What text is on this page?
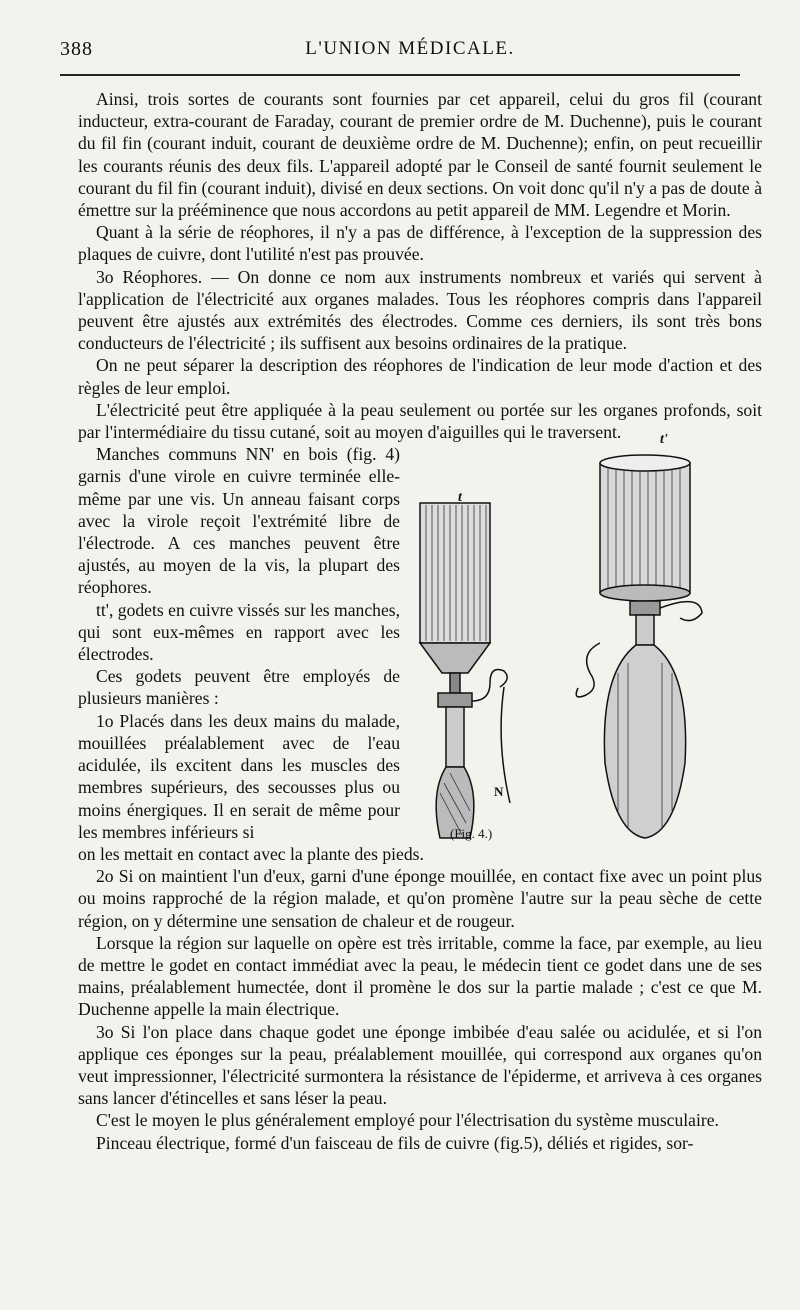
388	L'UNION MÉDICALE.

Ainsi, trois sortes de courants sont fournies par cet appareil, celui du gros fil (courant inducteur, extra-courant de Faraday, courant de premier ordre de M. Duchenne), puis le courant du fil fin (courant induit, courant de deuxième ordre de M. Duchenne); enfin, on peut recueillir les courants réunis des deux fils. L'appareil adopté par le Conseil de santé fournit seulement le courant du fil fin (courant induit), divisé en deux sections. On voit donc qu'il n'y a pas de doute à émettre sur la prééminence que nous accordons au petit appareil de MM. Legendre et Morin.

Quant à la série de réophores, il n'y a pas de différence, à l'exception de la suppression des plaques de cuivre, dont l'utilité n'est pas prouvée.

3o Réophores. — On donne ce nom aux instruments nombreux et variés qui servent à l'application de l'électricité aux organes malades. Tous les réophores compris dans l'appareil peuvent être ajustés aux extrémités des électrodes. Comme ces derniers, ils sont très bons conducteurs de l'électricité ; ils suffisent aux besoins ordinaires de la pratique.

On ne peut séparer la description des réophores de l'indication de leur mode d'action et des règles de leur emploi.

L'électricité peut être appliquée à la peau seulement ou portée sur les organes profonds, soit par l'intermédiaire du tissu cutané, soit au moyen d'aiguilles qui le traversent.

Manches communs NN' en bois (fig. 4) garnis d'une virole en cuivre terminée elle-même par une vis. Un anneau faisant corps avec la virole reçoit l'extrémité libre de l'électrode. A ces manches peuvent être ajustés, au moyen de la vis, la plupart des réophores.

tt', godets en cuivre vissés sur les manches, qui sont eux-mêmes en rapport avec les électrodes.

Ces godets peuvent être employés de plusieurs manières :

1o Placés dans les deux mains du malade, mouillées préalablement avec de l'eau acidulée, ils excitent dans les muscles des membres supérieurs, des secousses plus ou moins énergiques. Il en serait de même pour les membres inférieurs si

t
t'
N
(Fig. 4.)

on les mettait en contact avec la plante des pieds.

2o Si on maintient l'un d'eux, garni d'une éponge mouillée, en contact fixe avec un point plus ou moins rapproché de la région malade, et qu'on promène l'autre sur la peau sèche de cette région, on y détermine une sensation de chaleur et de rougeur.

Lorsque la région sur laquelle on opère est très irritable, comme la face, par exemple, au lieu de mettre le godet en contact immédiat avec la peau, le médecin tient ce godet dans une de ses mains, préalablement humectée, dont il promène le dos sur la partie malade ; c'est ce que M. Duchenne appelle la main électrique.

3o Si l'on place dans chaque godet une éponge imbibée d'eau salée ou acidulée, et si l'on applique ces éponges sur la peau, préalablement mouillée, qui correspond aux organes qu'on veut impressionner, l'électricité surmontera la résistance de l'épiderme, et arriveva à ces organes sans lancer d'étincelles et sans léser la peau.

C'est le moyen le plus généralement employé pour l'électrisation du système musculaire.

Pinceau électrique, formé d'un faisceau de fils de cuivre (fig.5), déliés et rigides, sor-
